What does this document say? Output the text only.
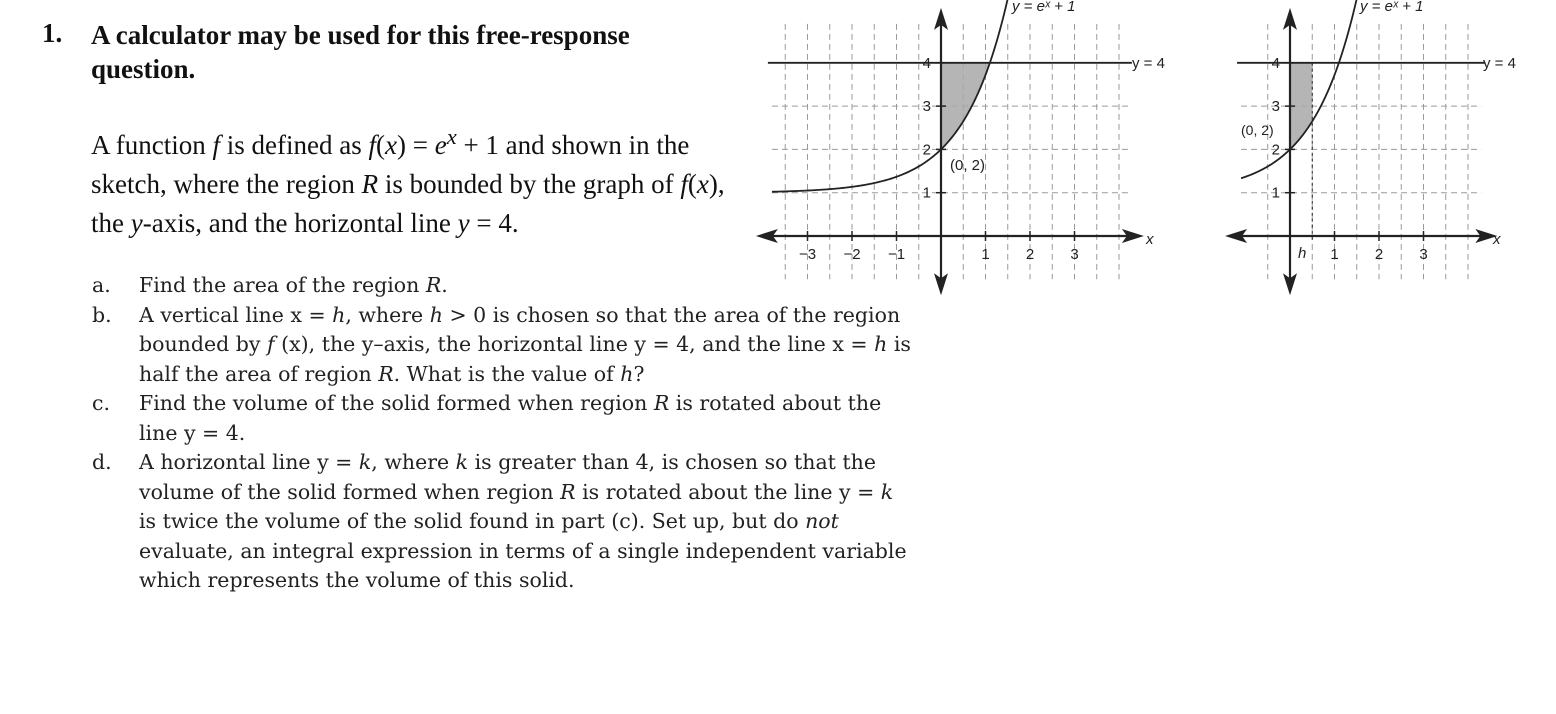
1. A calculator may be used for this free-response question.
A function f is defined as $f(x) = e^x + 1$ and shown in the sketch, where the region R is bounded by the graph of f(x), the y-axis, and the horizontal line y = 4.
a.	Find the area of the region R.
b.	A vertical line x = h, where h > 0 is chosen so that the area of the region bounded by f (x), the y–axis, the horizontal line y = 4, and the line x = h is half the area of region R. What is the value of h?
c.	Find the volume of the solid formed when region R is rotated about the line y = 4.
d.	A horizontal line y = k, where k is greater than 4, is chosen so that the volume of the solid formed when region R is rotated about the line y = k is twice the volume of the solid found in part (c). Set up, but do not evaluate, an integral expression in terms of a single independent variable which represents the volume of this solid.
−3 −2 −1	1 2 3
1
2
3
4
y = eˣ + 1
y = 4
(0, 2)
x
1 2 3
1
2
3
4
y = eˣ + 1
y = 4
(0, 2)
x
h
